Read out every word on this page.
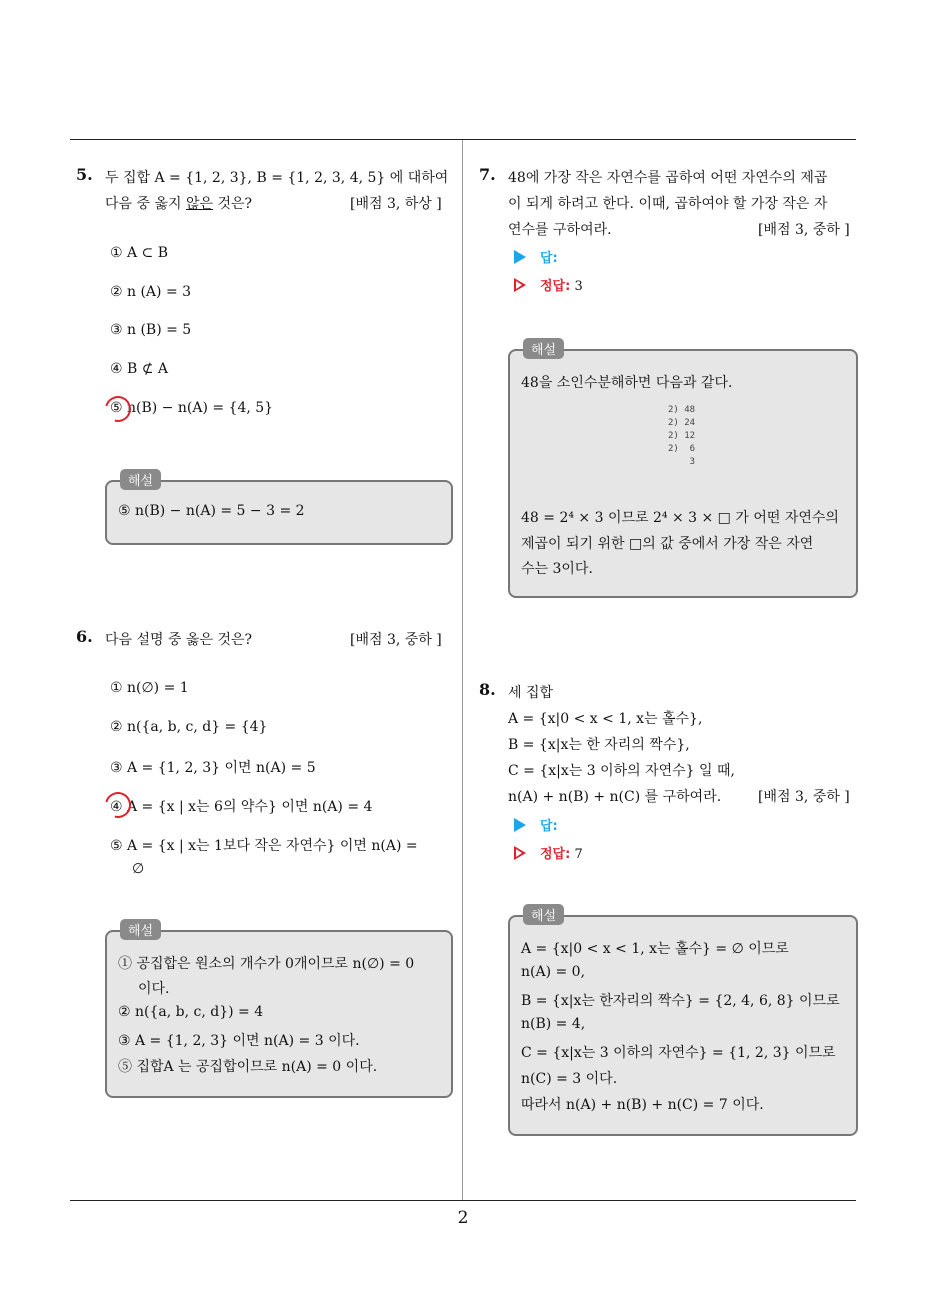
5. 두 집합 A = {1, 2, 3}, B = {1, 2, 3, 4, 5} 에 대하여
다음 중 옳지 않은 것은?	[배점 3, 하상 ]
① A ⊂ B
② n (A) = 3
③ n (B) = 5
④ B ⊄ A
⑤ n(B) − n(A) = {4, 5}
해설
⑤ n(B) − n(A) = 5 − 3 = 2
6. 다음 설명 중 옳은 것은?	[배점 3, 중하 ]
① n(∅) = 1
② n({a, b, c, d} = {4}
③ A = {1, 2, 3} 이면 n(A) = 5
④ A = {x | x는 6의 약수} 이면 n(A) = 4
⑤ A = {x | x는 1보다 작은 자연수} 이면 n(A) =
∅
해설
① 공집합은 원소의 개수가 0개이므로 n(∅) = 0
이다.
② n({a, b, c, d}) = 4
③ A = {1, 2, 3} 이면 n(A) = 3 이다.
⑤ 집합A 는 공집합이므로 n(A) = 0 이다.
7. 48에 가장 작은 자연수를 곱하여 어떤 자연수의 제곱
이 되게 하려고 한다. 이때, 곱하여야 할 가장 작은 자
연수를 구하여라.	[배점 3, 중하 ]
답:
정답: 3
해설
48을 소인수분해하면 다음과 같다.
2) 48
2) 24
2) 12
2)  6
3
48 = 2⁴ × 3 이므로 2⁴ × 3 × □ 가 어떤 자연수의
제곱이 되기 위한 □의 값 중에서 가장 작은 자연
수는 3이다.
8. 세 집합
A = {x|0 < x < 1, x는 홀수},
B = {x|x는 한 자리의 짝수},
C = {x|x는 3 이하의 자연수} 일 때,
n(A) + n(B) + n(C) 를 구하여라.	[배점 3, 중하 ]
답:
정답: 7
해설
A = {x|0 < x < 1, x는 홀수} = ∅ 이므로
n(A) = 0,
B = {x|x는 한자리의 짝수} = {2, 4, 6, 8} 이므로
n(B) = 4,
C = {x|x는 3 이하의 자연수} = {1, 2, 3} 이므로
n(C) = 3 이다.
따라서 n(A) + n(B) + n(C) = 7 이다.
2
